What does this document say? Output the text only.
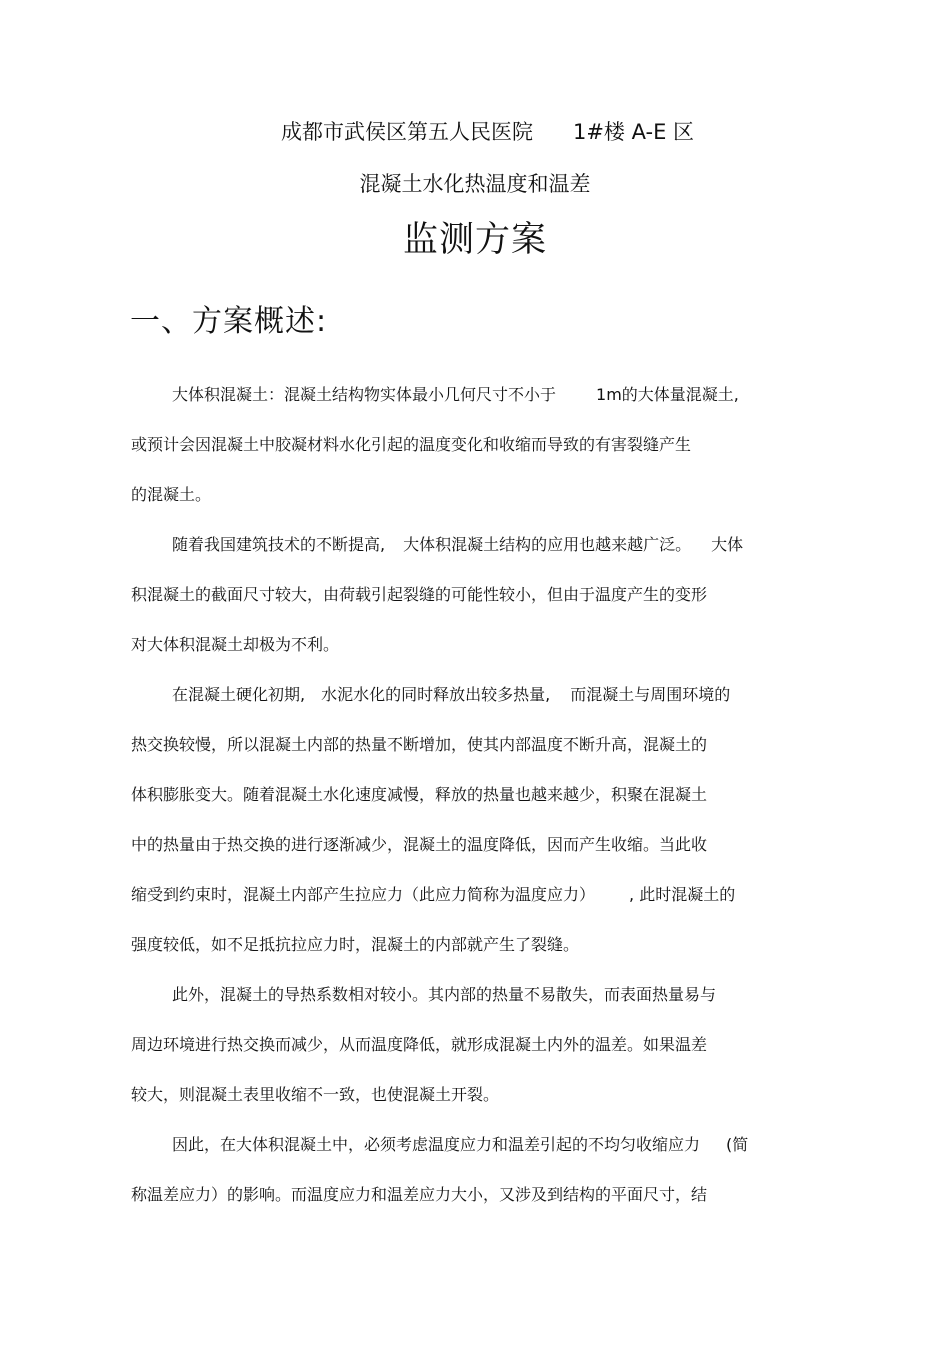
成都市武侯区第五人民医院 1#楼 A-E 区
混凝土水化热温度和温差
监测方案
一、方案概述:
大体积混凝土：混凝土结构物实体最小几何尺寸不小于	1m的大体量混凝土,
或预计会因混凝土中胶凝材料水化引起的温度变化和收缩而导致的有害裂缝产生
的混凝土。
随着我国建筑技术的不断提高, 大体积混凝土结构的应用也越来越广泛。 大体
积混凝土的截面尺寸较大，由荷载引起裂缝的可能性较小，但由于温度产生的变形
对大体积混凝土却极为不利。
在混凝土硬化初期, 水泥水化的同时释放出较多热量, 而混凝土与周围环境的
热交换较慢，所以混凝土内部的热量不断增加，使其内部温度不断升高，混凝土的
体积膨胀变大。随着混凝土水化速度减慢，释放的热量也越来越少，积聚在混凝土
中的热量由于热交换的进行逐渐减少，混凝土的温度降低，因而产生收缩。当此收
缩受到约束时，混凝土内部产生拉应力（此应力简称为温度应力） , 此时混凝土的
强度较低，如不足抵抗拉应力时，混凝土的内部就产生了裂缝。
此外，混凝土的导热系数相对较小。其内部的热量不易散失，而表面热量易与
周边环境进行热交换而减少，从而温度降低，就形成混凝土内外的温差。如果温差
较大，则混凝土表里收缩不一致，也使混凝土开裂。
因此，在大体积混凝土中，必须考虑温度应力和温差引起的不均匀收缩应力 (简
称温差应力）的影响。而温度应力和温差应力大小，又涉及到结构的平面尺寸，结
